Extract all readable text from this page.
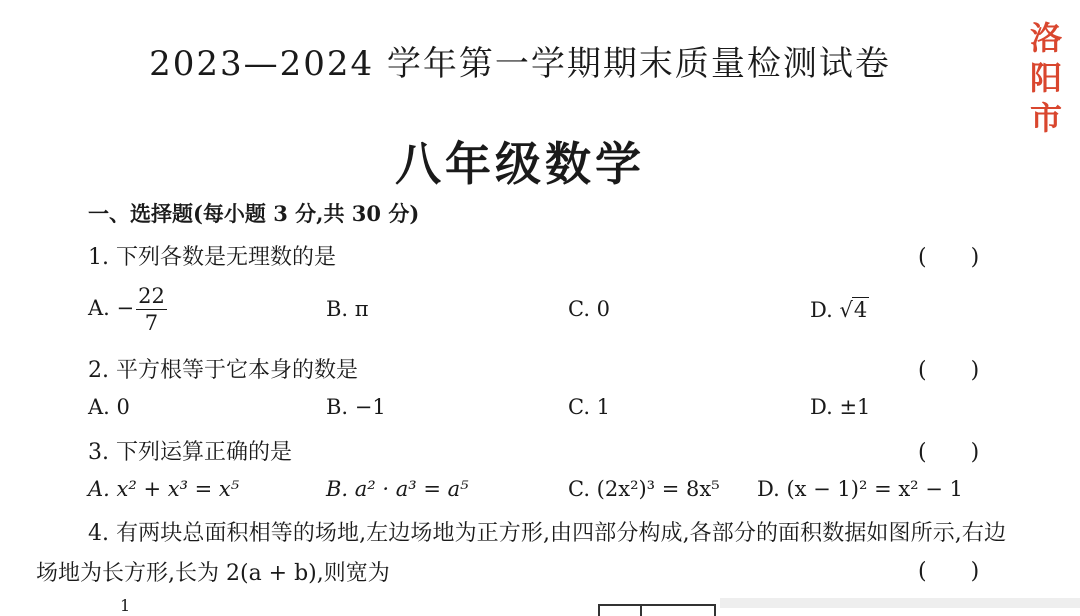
2023—2024 学年第一学期期末质量检测试卷
八年级数学
洛
阳
市
一、选择题(每小题 3 分,共 30 分)
1. 下列各数是无理数的是	(　　)
A. − $\frac{22}{7}$	B. π	C. 0	D. √4
2. 平方根等于它本身的数是	(　　)
A. 0	B. −1	C. 1	D. ±1
3. 下列运算正确的是	(　　)
A. x² + x³ = x⁵	B. a² · a³ = a⁵	C. (2x²)³ = 8x⁵ D. (x − 1)² = x² − 1
4. 有两块总面积相等的场地,左边场地为正方形,由四部分构成,各部分的面积数据如图所示,右边场地为长方形,长为 2(a + b),则宽为	(　　)
1
